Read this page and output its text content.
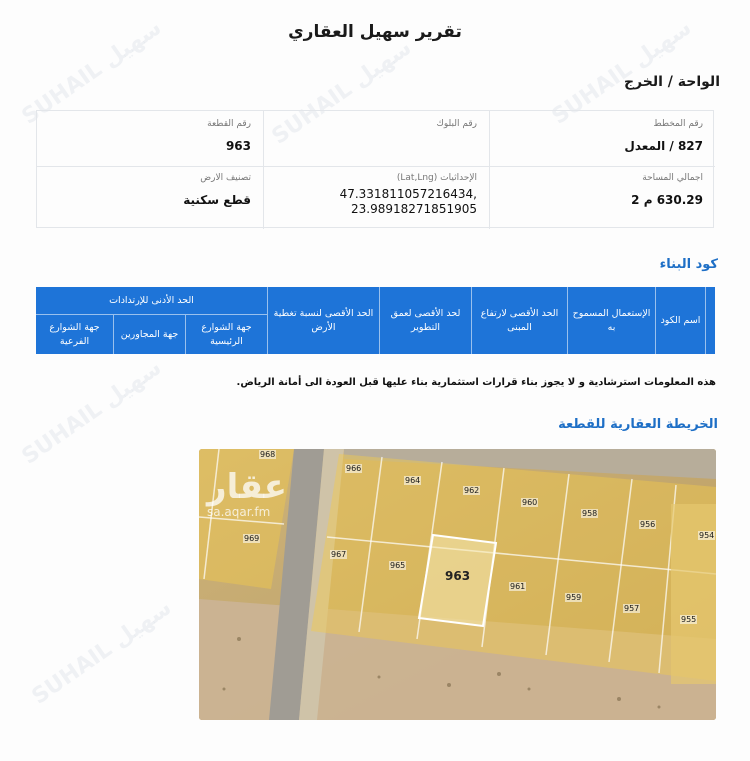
سهيل SUHAIL
سهيل SUHAIL	سهيل SUHAIL
سهيل SUHAIL
سهيل SUHAIL
تقرير سهيل العقاري
الواحة / الخرج
رقم المخطط
827 / المعدل
رقم البلوك
رقم القطعة
963
اجمالي المساحة
630.29 م 2
الإحداثيات (Lat,Lng)
47.331811057216434,
23.98918271851905
تصنيف الارض
قطع سكنية
كود البناء
اسم الكود
الإستعمال المسموح به
الحد الأقصى لارتفاع المبنى
لحد الأقصى لعمق التطوير
الحد الأقصى لنسبة تغطية الأرض
الحد الأدنى للإرتدادات
جهة الشوارع الرئيسية
جهة المجاورين
جهة الشوارع الفرعية
هذه المعلومات استرشادية و لا يجوز بناء قرارات استثمارية بناء عليها قبل العودة الى أمانة الرياض.
الخريطة العقارية للقطعة
عقار
sa.aqar.fm
963
968
966
964
962
960
958
956
954
969
967
965
961
959
957
955
